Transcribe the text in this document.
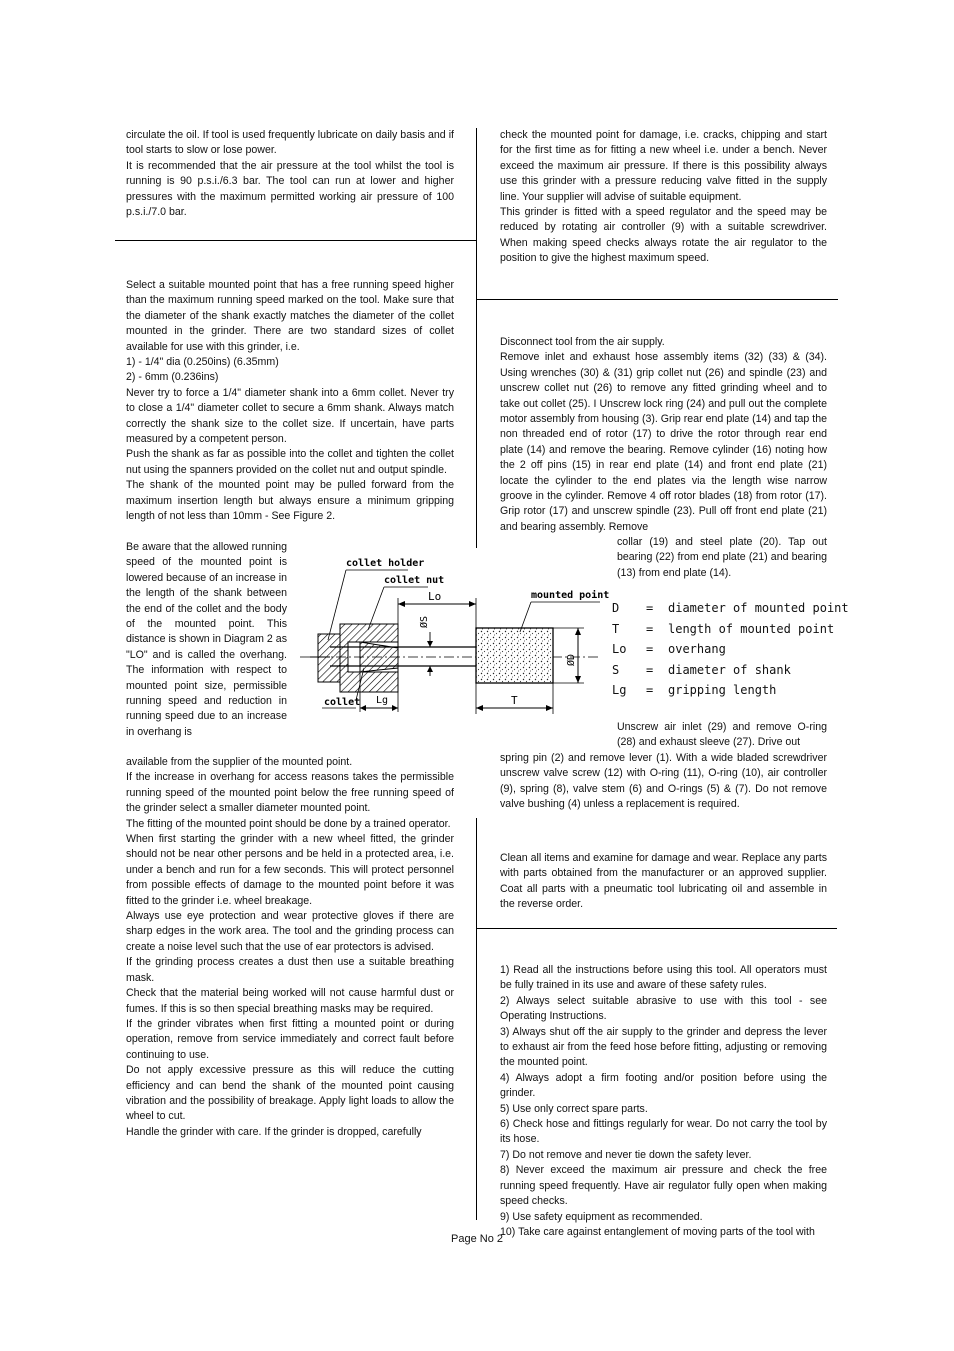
circulate the oil. If tool is used frequently lubricate on daily basis and if tool starts to slow or lose power.

It is recommended that the air pressure at the tool whilst the tool is running is 90 p.s.i./6.3 bar. The tool can run at lower and higher pressures with the maximum permitted working air pressure of 100 p.s.i./7.0 bar.

Select a suitable mounted point that has a free running speed higher than the maximum running speed marked on the tool. Make sure that the diameter of the shank exactly matches the diameter of the collet mounted in the grinder. There are two standard sizes of collet available for use with this grinder, i.e.

1) - 1/4" dia (0.250ins) (6.35mm)

2) - 6mm (0.236ins)

Never try to force a 1/4" diameter shank into a 6mm collet. Never try to close a 1/4" diameter collet to secure a 6mm shank. Always match correctly the shank size to the collet size. If uncertain, have parts measured by a competent person.

Push the shank as far as possible into the collet and tighten the collet nut using the spanners provided on the collet nut and output spindle.

The shank of the mounted point may be pulled forward from the maximum insertion length but always ensure a minimum gripping length of not less than 10mm - See Figure 2.

Be aware that the allowed running speed of the mounted point is lowered because of an increase in the length of the shank between the end of the collet and the body of the mounted point. This distance is shown in Diagram 2 as "LO" and is called the overhang. The information with respect to mounted point size, permissible running speed and reduction in running speed due to an increase in overhang is

available from the supplier of the mounted point.

If the increase in overhang for access reasons takes the permissible running speed of the mounted point below the free running speed of the grinder select a smaller diameter mounted point.

The fitting of the mounted point should be done by a trained operator.

When first starting the grinder with a new wheel fitted, the grinder should not be near other persons and be held in a protected area, i.e. under a bench and run for a few seconds. This will protect personnel from possible effects of damage to the mounted point before it was fitted to the grinder i.e. wheel breakage.

Always use eye protection and wear protective gloves if there are sharp edges in the work area. The tool and the grinding process can create a noise level such that the use of ear protectors is advised.

If the grinding process creates a dust then use a suitable breathing mask.

Check that the material being worked will not cause harmful dust or fumes. If this is so then special breathing masks may be required.

If the grinder vibrates when first fitting a mounted point or during operation, remove from service immediately and correct fault before continuing to use.

Do not apply excessive pressure as this will reduce the cutting efficiency and can bend the shank of the mounted point causing vibration and the possibility of breakage. Apply light loads to allow the wheel to cut.

Handle the grinder with care. If the grinder is dropped, carefully

check the mounted point for damage, i.e. cracks, chipping and start for the first time as for fitting a new wheel i.e. under a bench. Never exceed the maximum air pressure. If there is this possibility always use this grinder with a pressure reducing valve fitted in the supply line. Your supplier will advise of suitable equipment.

This grinder is fitted with a speed regulator and the speed may be reduced by rotating air controller (9) with a suitable screwdriver. When making speed checks always rotate the air regulator to the position to give the highest maximum speed.

Disconnect tool from the air supply.

Remove inlet and exhaust hose assembly items (32) (33) & (34). Using wrenches (30) & (31) grip collet nut (26) and spindle (23) and unscrew collet nut (26) to remove any fitted grinding wheel and to take out collet (25). I Unscrew lock ring (24) and pull out the complete motor assembly from housing (3). Grip rear end plate (14) and tap the non threaded end of rotor (17) to drive the rotor through rear end plate (14) and remove the bearing. Remove cylinder (16) noting how the 2 off pins (15) in rear end plate (14) and front end plate (21) locate the cylinder to the end plates via the length wise narrow groove in the cylinder. Remove 4 off rotor blades (18) from rotor (17). Grip rotor (17) and unscrew spindle (23). Pull off front end plate (21) and bearing assembly. Remove

collar (19) and steel plate (20). Tap out bearing (22) from end plate (21) and bearing (13) from end plate (14).

D	=	diameter of mounted point
T	=	length of mounted point
Lo	=	overhang
S	=	diameter of shank
Lg	=	gripping length

Unscrew air inlet (29) and remove O-ring (28) and exhaust sleeve (27). Drive out

spring pin (2) and remove lever (1). With a wide bladed screwdriver unscrew valve screw (12) with O-ring (11), O-ring (10), air controller (9), spring (8), valve stem (6) and O-rings (5) & (7). Do not remove valve bushing (4) unless a replacement is required.

Clean all items and examine for damage and wear. Replace any parts with parts obtained from the manufacturer or an approved supplier. Coat all parts with a pneumatic tool lubricating oil and assemble in the reverse order.

1) Read all the instructions before using this tool. All operators must be fully trained in its use and aware of these safety rules.

2) Always select suitable abrasive to use with this tool - see Operating Instructions.

3) Always shut off the air supply to the grinder and depress the lever to exhaust air from the feed hose before fitting, adjusting or removing the mounted point.

4) Always adopt a firm footing and/or position before using the grinder.

5) Use only correct spare parts.

6) Check hose and fittings regularly for wear. Do not carry the tool by its hose.

7) Do not remove and never tie down the safety lever.

8) Never exceed the maximum air pressure and check the free running speed frequently. Have air regulator fully open when making speed checks.

9) Use safety equipment as recommended.

10) Take care against entanglement of moving parts of the tool with

Lo
T
ØD
ØS
Lg
collet holder
collet nut
mounted point
collet
Page No 2
